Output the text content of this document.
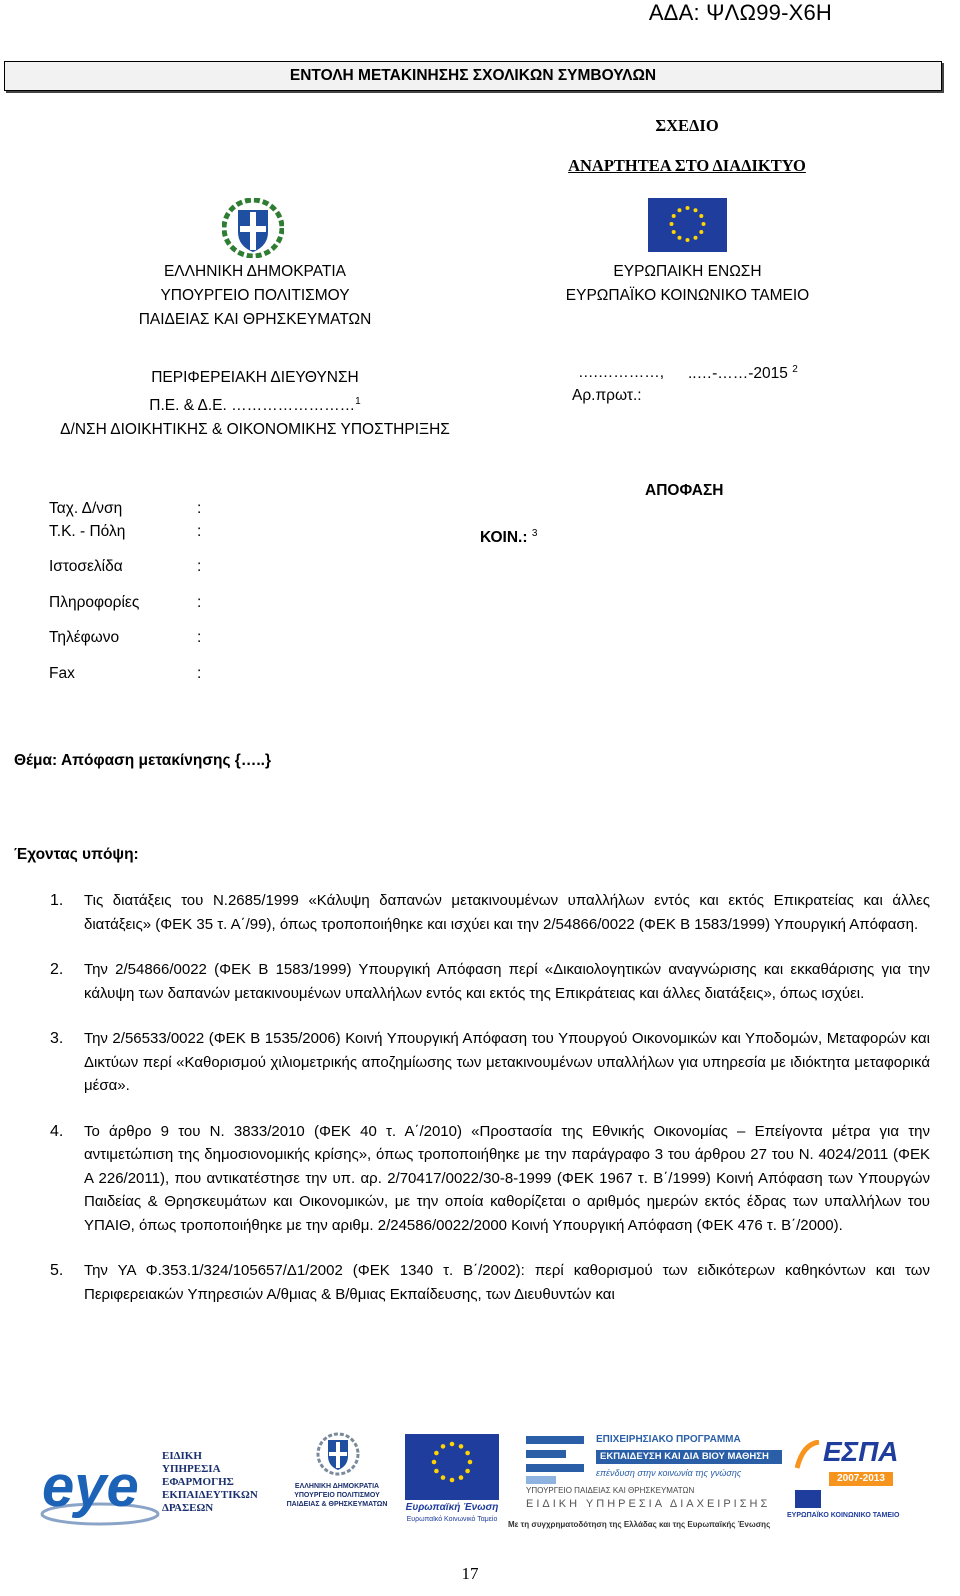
ΑΔΑ: ΨΛΩ99-Χ6Η
ΕΝΤΟΛΗ ΜΕΤΑΚΙΝΗΣΗΣ ΣΧΟΛΙΚΩΝ ΣΥΜΒΟΥΛΩΝ
ΣΧΕΔΙΟ
ΑΝΑΡΤΗΤΕΑ ΣΤΟ ΔΙΑΔΙΚΤΥΟ
ΕΛΛΗΝΙΚΗ ΔΗΜΟΚΡΑΤΙΑ
ΥΠΟΥΡΓΕΙΟ ΠΟΛΙΤΙΣΜΟΥ
ΠΑΙΔΕΙΑΣ ΚΑΙ ΘΡΗΣΚΕΥΜΑΤΩΝ
ΕΥΡΩΠΑΙΚΗ ΕΝΩΣΗ
ΕΥΡΩΠΑΪΚΟ ΚΟΙΝΩΝΙΚΟ ΤΑΜΕΙΟ
ΠΕΡΙΦΕΡΕΙΑΚΗ ΔΙΕΥΘΥΝΣΗ
Π.Ε. & Δ.Ε. ……………………$^1$
Δ/ΝΣΗ ΔΙΟΙΚΗΤΙΚΗΣ & ΟΙΚΟΝΟΜΙΚΗΣ ΥΠΟΣΤΗΡΙΞΗΣ
….…………, ..…-……-2015 $^2$
Αρ.πρωτ.:
ΑΠΟΦΑΣΗ
ΚΟΙΝ.: $^3$
Ταχ. Δ/νση	:
Τ.Κ. - Πόλη	:
Ιστοσελίδα	:
Πληροφορίες	:
Τηλέφωνο	:
Fax	:
Θέμα: Απόφαση μετακίνησης {…..}
Έχοντας υπόψη:
1. Τις διατάξεις του Ν.2685/1999 «Κάλυψη δαπανών μετακινουμένων υπαλλήλων εντός και εκτός Επικρατείας και άλλες διατάξεις» (ΦΕΚ 35 τ. Α΄/99), όπως τροποποιήθηκε και ισχύει και την 2/54866/0022 (ΦΕΚ Β 1583/1999) Υπουργική Απόφαση.
2. Την 2/54866/0022 (ΦΕΚ Β 1583/1999) Υπουργική Απόφαση περί «Δικαιολογητικών αναγνώρισης και εκκαθάρισης για την κάλυψη των δαπανών μετακινουμένων υπαλλήλων εντός και εκτός της Επικράτειας και άλλες διατάξεις», όπως ισχύει.
3. Την 2/56533/0022 (ΦΕΚ Β 1535/2006) Κοινή Υπουργική Απόφαση του Υπουργού Οικονομικών και Υποδομών, Μεταφορών και Δικτύων περί «Καθορισμού χιλιομετρικής αποζημίωσης των μετακινουμένων υπαλλήλων για υπηρεσία με ιδιόκτητα μεταφορικά μέσα».
4. Το άρθρο 9 του Ν. 3833/2010 (ΦΕΚ 40 τ. Α΄/2010) «Προστασία της Εθνικής Οικονομίας – Επείγοντα μέτρα για την αντιμετώπιση της δημοσιονομικής κρίσης», όπως τροποποιήθηκε με την παράγραφο 3 του άρθρου 27 του Ν. 4024/2011 (ΦΕΚ Α 226/2011), που αντικατέστησε την υπ. αρ. 2/70417/0022/30-8-1999 (ΦΕΚ 1967 τ. Β΄/1999) Κοινή Απόφαση των Υπουργών Παιδείας & Θρησκευμάτων και Οικονομικών, με την οποία καθορίζεται ο αριθμός ημερών εκτός έδρας των υπαλλήλων του ΥΠΑΙΘ, όπως τροποποιήθηκε με την αριθμ. 2/24586/0022/2000 Κοινή Υπουργική Απόφαση (ΦΕΚ 476 τ. Β΄/2000).
5. Την ΥΑ Φ.353.1/324/105657/Δ1/2002 (ΦΕΚ 1340 τ. Β΄/2002): περί καθορισμού των ειδικότερων καθηκόντων και των Περιφερειακών Υπηρεσιών Α/θμιας & Β/θμιας Εκπαίδευσης, των Διευθυντών και
eye ΕΙΔΙΚΗ
ΥΠΗΡΕΣΙΑ
ΕΦΑΡΜΟΓΗΣ
ΕΚΠΑΙΔΕΥΤΙΚΩΝ
ΔΡΑΣΕΩΝ
ΕΛΛΗΝΙΚΗ ΔΗΜΟΚΡΑΤΙΑ
ΥΠΟΥΡΓΕΙΟ ΠΟΛΙΤΙΣΜΟΥ
ΠΑΙΔΕΙΑΣ & ΘΡΗΣΚΕΥΜΑΤΩΝ	Ευρωπαϊκή Ένωση
Ευρωπαϊκό Κοινωνικό Ταμείο
ΕΠΙΧΕΙΡΗΣΙΑΚΟ ΠΡΟΓΡΑΜΜΑ
ΕΚΠΑΙΔΕΥΣΗ ΚΑΙ ΔΙΑ ΒΙΟΥ ΜΑΘΗΣΗ
επένδυση στην κοινωνία της γνώσης
ΥΠΟΥΡΓΕΙΟ ΠΑΙΔΕΙΑΣ ΚΑΙ ΘΡΗΣΚΕΥΜΑΤΩΝ
ΕΙΔΙΚΗ ΥΠΗΡΕΣΙΑ ΔΙΑΧΕΙΡΙΣΗΣ
Με τη συγχρηματοδότηση της Ελλάδας και της Ευρωπαϊκής Ένωσης
ΕΣΠΑ
2007-2013
ΕΥΡΩΠΑΪΚΟ ΚΟΙΝΩΝΙΚΟ ΤΑΜΕΙΟ
17
